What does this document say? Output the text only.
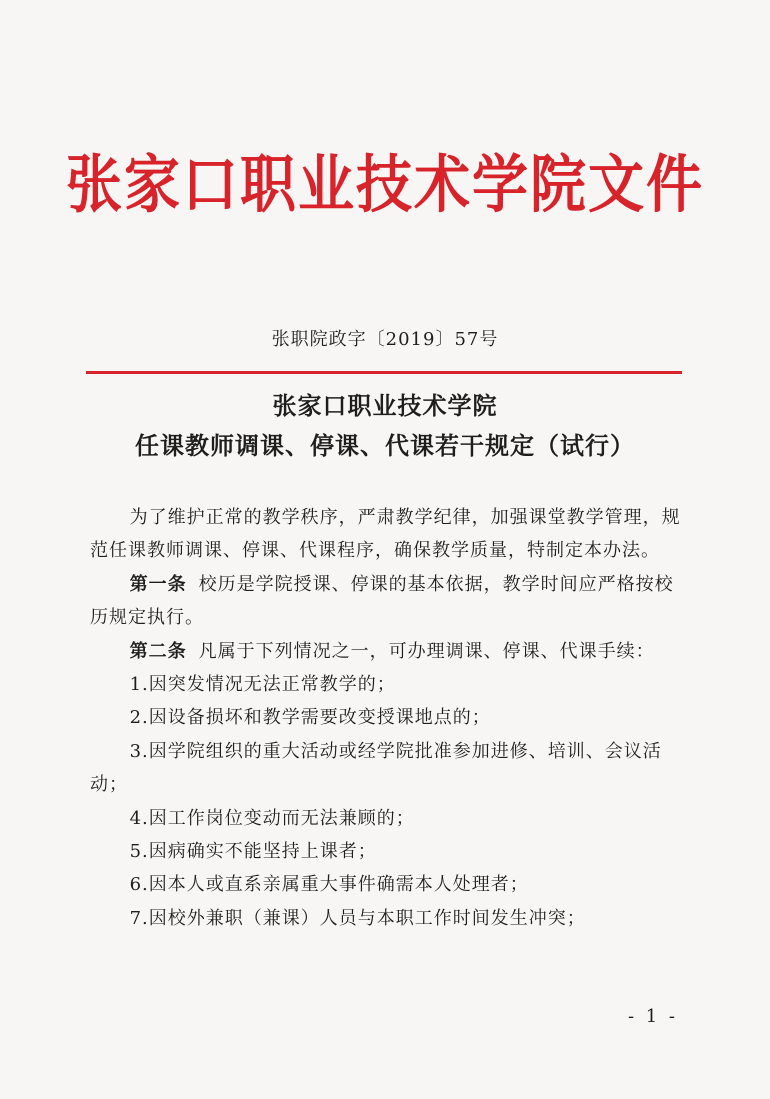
张家口职业技术学院文件
张职院政字〔2019〕57号
张家口职业技术学院
任课教师调课、停课、代课若干规定（试行）

为了维护正常的教学秩序，严肃教学纪律，加强课堂教学管理，规范任课教师调课、停课、代课程序，确保教学质量，特制定本办法。

第一条 校历是学院授课、停课的基本依据，教学时间应严格按校历规定执行。

第二条 凡属于下列情况之一，可办理调课、停课、代课手续：

1.因突发情况无法正常教学的；

2.因设备损坏和教学需要改变授课地点的；

3.因学院组织的重大活动或经学院批准参加进修、培训、会议活动；

4.因工作岗位变动而无法兼顾的；

5.因病确实不能坚持上课者；

6.因本人或直系亲属重大事件确需本人处理者；

7.因校外兼职（兼课）人员与本职工作时间发生冲突；

- 1 -
